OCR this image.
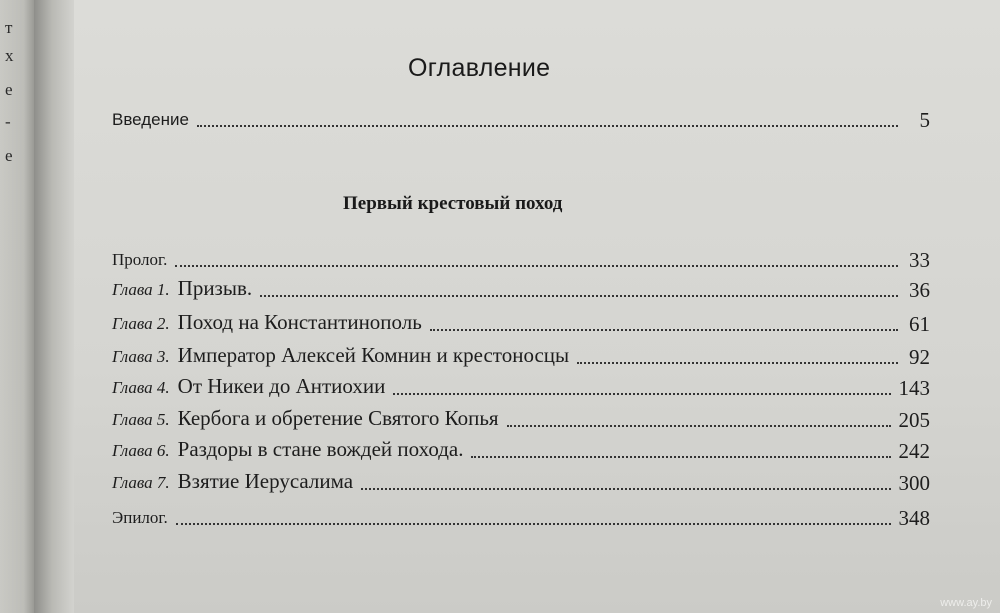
т
х
е
-
е
Оглавление
Введение	5
Первый крестовый поход
Пролог.	33
Глава 1. Призыв.	36
Глава 2. Поход на Константинополь	61
Глава 3. Император Алексей Комнин и крестоносцы	92
Глава 4. От Никеи до Антиохии	143
Глава 5. Кербога и обретение Святого Копья	205
Глава 6. Раздоры в стане вождей похода.	242
Глава 7. Взятие Иерусалима	300
Эпилог.	348
www.ay.by
